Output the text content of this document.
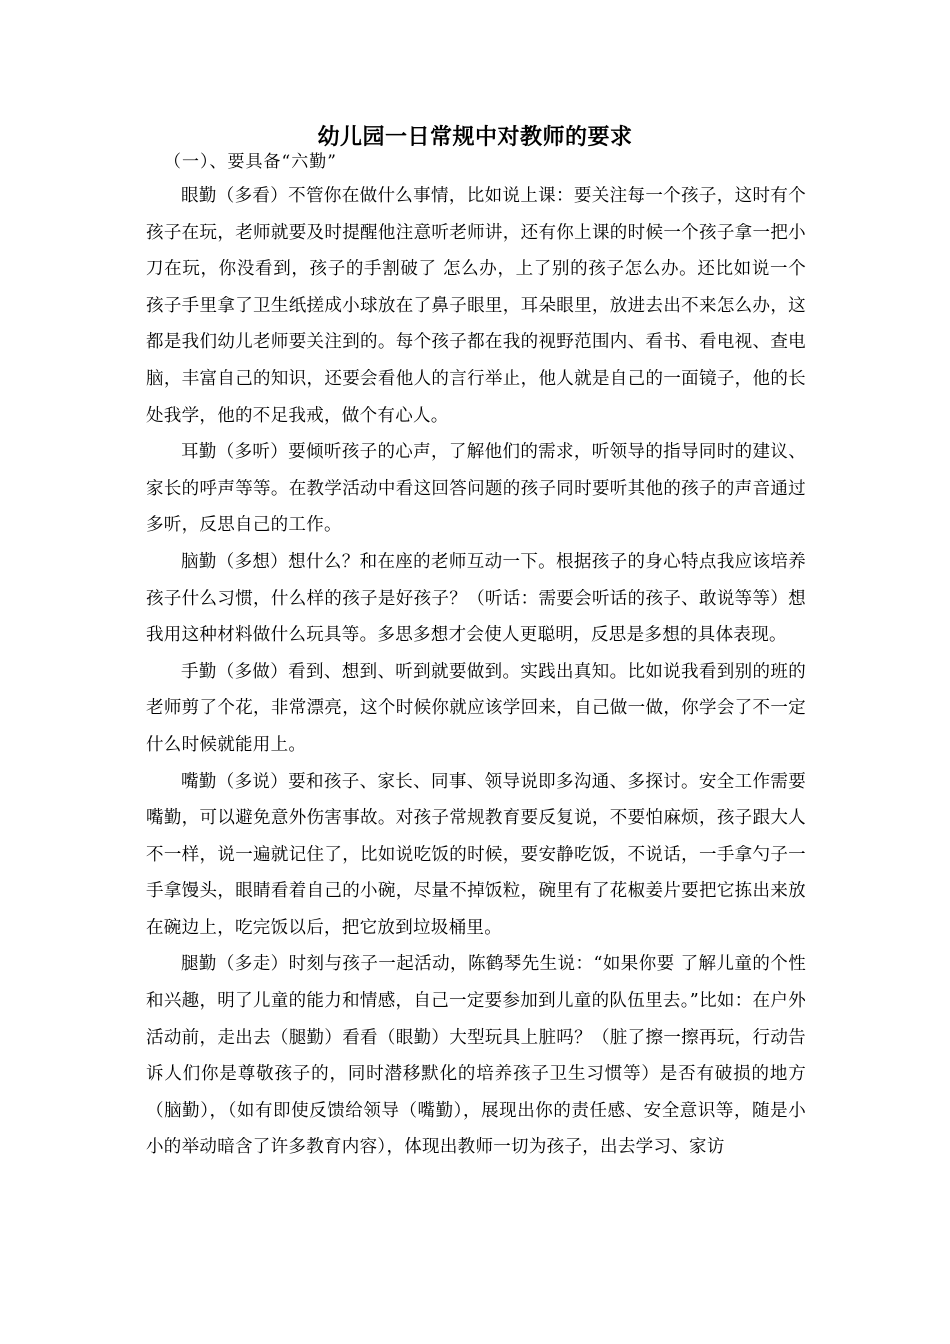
幼儿园一日常规中对教师的要求
（一）、要具备“六勤”

眼勤（多看）不管你在做什么事情，比如说上课：要关注每一个孩子，这时有个孩子在玩，老师就要及时提醒他注意听老师讲，还有你上课的时候一个孩子拿一把小刀在玩，你没看到，孩子的手割破了 怎么办，上了别的孩子怎么办。还比如说一个孩子手里拿了卫生纸搓成小球放在了鼻子眼里，耳朵眼里，放进去出不来怎么办，这都是我们幼儿老师要关注到的。每个孩子都在我的视野范围内、看书、看电视、查电脑，丰富自己的知识，还要会看他人的言行举止，他人就是自己的一面镜子，他的长处我学，他的不足我戒，做个有心人。

耳勤（多听）要倾听孩子的心声，了解他们的需求，听领导的指导同时的建议、家长的呼声等等。在教学活动中看这回答问题的孩子同时要听其他的孩子的声音通过多听，反思自己的工作。

脑勤（多想）想什么？和在座的老师互动一下。根据孩子的身心特点我应该培养孩子什么习惯，什么样的孩子是好孩子？（听话：需要会听话的孩子、敢说等等）想我用这种材料做什么玩具等。多思多想才会使人更聪明，反思是多想的具体表现。

手勤（多做）看到、想到、听到就要做到。实践出真知。比如说我看到别的班的老师剪了个花，非常漂亮，这个时候你就应该学回来，自己做一做，你学会了不一定什么时候就能用上。

嘴勤（多说）要和孩子、家长、同事、领导说即多沟通、多探讨。安全工作需要嘴勤，可以避免意外伤害事故。对孩子常规教育要反复说，不要怕麻烦，孩子跟大人不一样，说一遍就记住了，比如说吃饭的时候，要安静吃饭，不说话，一手拿勺子一手拿馒头，眼睛看着自己的小碗，尽量不掉饭粒，碗里有了花椒姜片要把它拣出来放在碗边上，吃完饭以后，把它放到垃圾桶里。

腿勤（多走）时刻与孩子一起活动，陈鹤琴先生说：“如果你要 了解儿童的个性和兴趣，明了儿童的能力和情感，自己一定要参加到儿童的队伍里去。”比如：在户外活动前，走出去（腿勤）看看（眼勤）大型玩具上脏吗？（脏了擦一擦再玩，行动告诉人们你是尊敬孩子的，同时潜移默化的培养孩子卫生习惯等）是否有破损的地方（脑勤），（如有即使反馈给领导（嘴勤），展现出你的责任感、安全意识等，随是小小的举动暗含了许多教育内容），体现出教师一切为孩子，出去学习、家访
